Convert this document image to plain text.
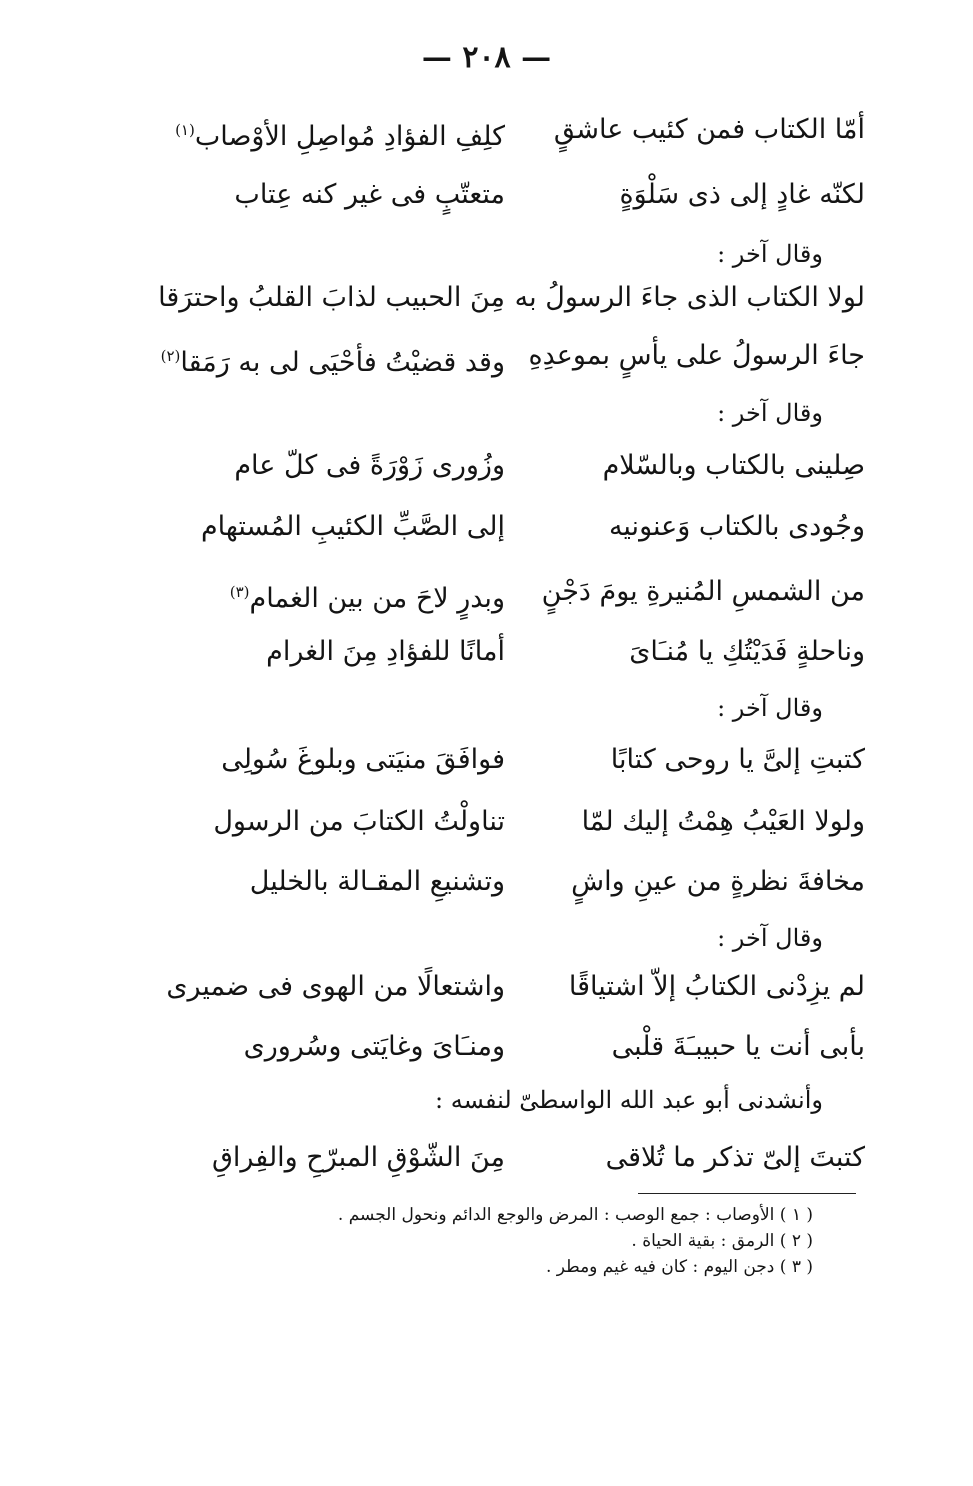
— ٢٠٨ —
أمّا الكتاب فمن كئيب عاشقٍ
كلِفِ الفؤادِ مُواصِلِ الأوْصاب$^{(١)}$
لكنّه غادٍ إلى ذى سَلْوَةٍ
متعتّبٍ فى غير كنه عِتاب
وقال آخر :
لولا الكتاب الذى جاءَ الرسولُ به
مِنَ الحبيب لذابَ القلبُ واحترَقا
جاءَ الرسولُ على يأسٍ بموعدِهِ
وقد قضيْتُ فأحْيَى لى به رَمَقا$^{(٢)}$
وقال آخر :
صِلينى بالكتاب وبالسّلام
وزُورى زَوْرَةً فى كلّ عام
وجُودى بالكتاب وَعنونيه
إلى الصَّبِّ الكئيبِ المُستهام
من الشمسِ المُنيرةِ يومَ دَجْنٍ
وبدرٍ لاحَ من بين الغمام$^{(٣)}$
وناحلةٍ فَدَيْتُكِ يا مُنـَاىَ
أمانًا للفؤادِ مِنَ الغرام
وقال آخر :
كتبتِ إلىَّ يا روحى كتابًا
فوافَقَ منيَتى وبلوغَ سُولِى
ولولا العَيْبُ هِمْتُ إليك لمّا
تناولْتُ الكتابَ من الرسول
مخافةَ نظرةٍ من عينِ واشٍ
وتشنيعِ المقـالة بالخليل
وقال آخر :
لم يزِدْنى الكتابُ إلاّ اشتياقًا
واشتعالًا من الهوى فى ضميرى
بأبى أنت يا حبيبـَةَ قلْبى
ومنـَاىَ وغايَتى وسُرورى
وأنشدنى أبو عبد الله الواسطىّ لنفسه :
كتبتَ إلىّ تذكر ما تُلاقى
مِنَ الشّوْقِ المبرّحِ والفِراقِ
( ١ ) الأوصاب : جمع الوصب : المرض والوجع الدائم ونحول الجسم .
( ٢ ) الرمق : بقية الحياة .
( ٣ ) دجن اليوم : كان فيه غيم ومطر .
